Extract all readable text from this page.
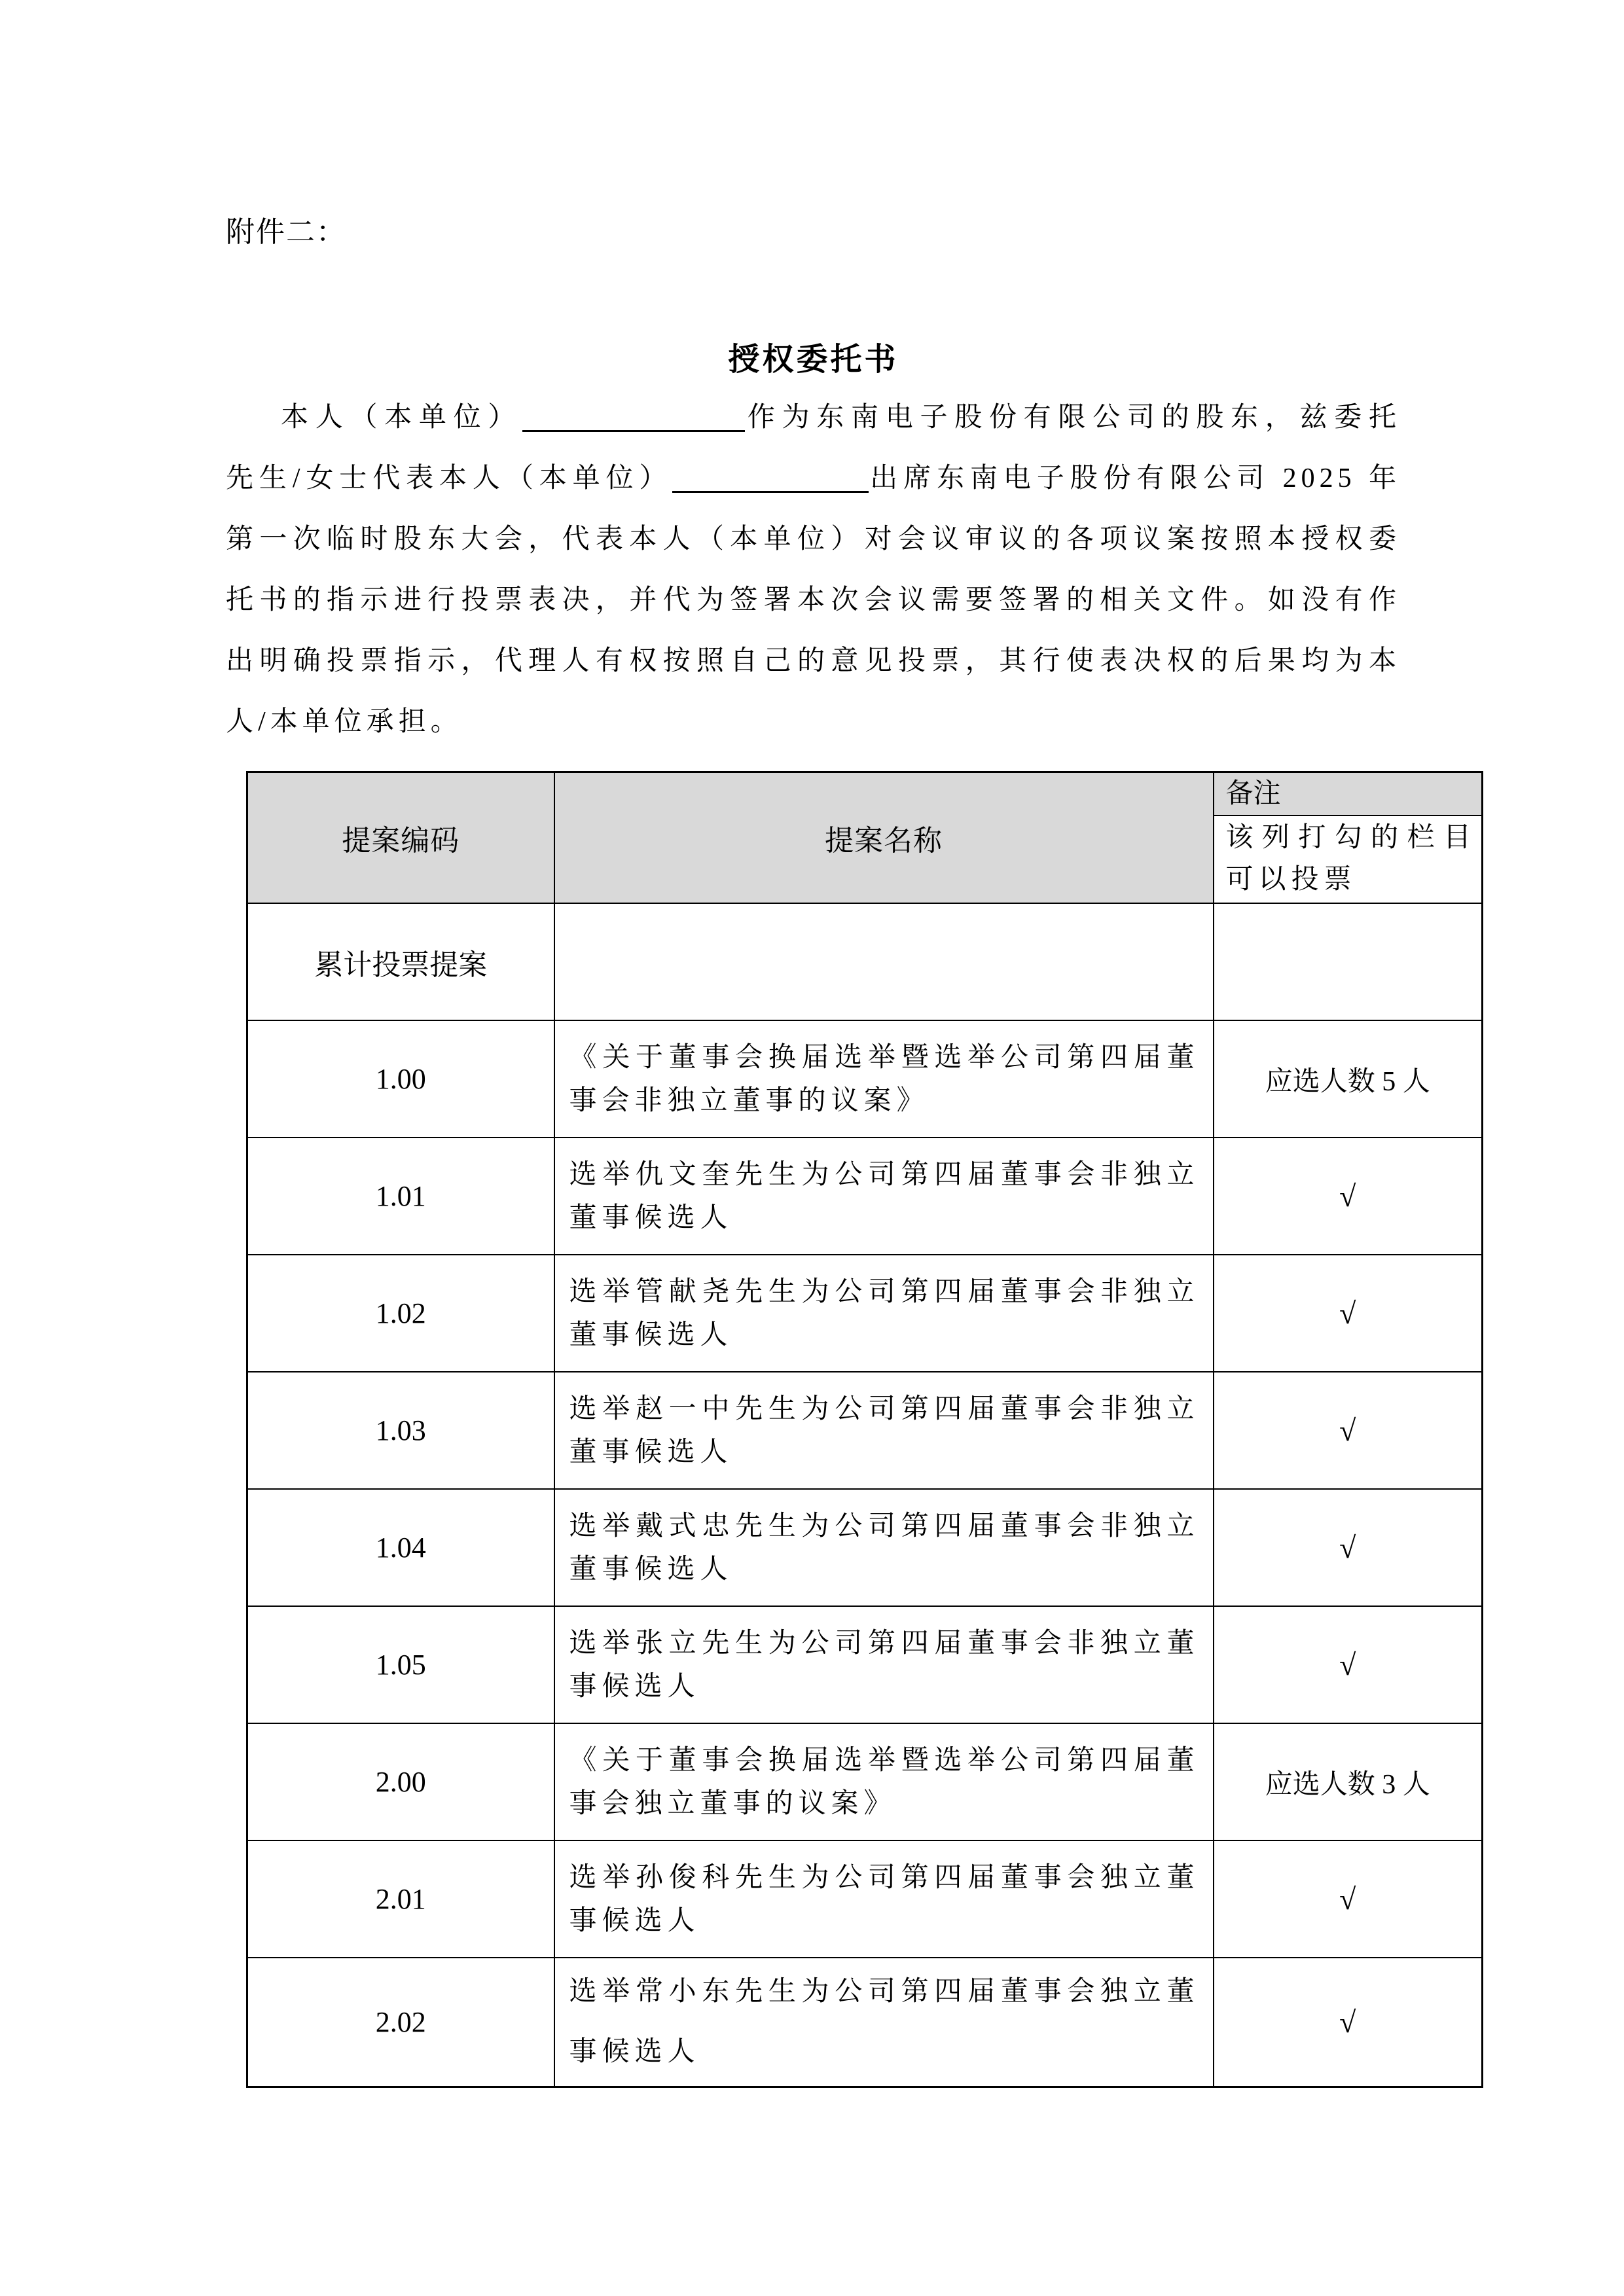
附件二：
授权委托书
本人（本单位）	作为东南电子股份有限公司的股东，兹委托
先生/女士代表本人（本单位）	出席东南电子股份有限公司 2025 年
第一次临时股东大会，代表本人（本单位）对会议审议的各项议案按照本授权委
托书的指示进行投票表决，并代为签署本次会议需要签署的相关文件。如没有作
出明确投票指示，代理人有权按照自己的意见投票，其行使表决权的后果均为本
人/本单位承担。
提案编码	提案名称	备注
该列打勾的栏目可以投票

累计投票提案		
1.00	《关于董事会换届选举暨选举公司第四届董事会非独立董事的议案》	应选人数 5 人
1.01	选举仇文奎先生为公司第四届董事会非独立董事候选人	√
1.02	选举管献尧先生为公司第四届董事会非独立董事候选人	√
1.03	选举赵一中先生为公司第四届董事会非独立董事候选人	√
1.04	选举戴式忠先生为公司第四届董事会非独立董事候选人	√
1.05	选举张立先生为公司第四届董事会非独立董事候选人	√
2.00	《关于董事会换届选举暨选举公司第四届董事会独立董事的议案》	应选人数 3 人
2.01	选举孙俊科先生为公司第四届董事会独立董事候选人	√
2.02	选举常小东先生为公司第四届董事会独立董事候选人	√
